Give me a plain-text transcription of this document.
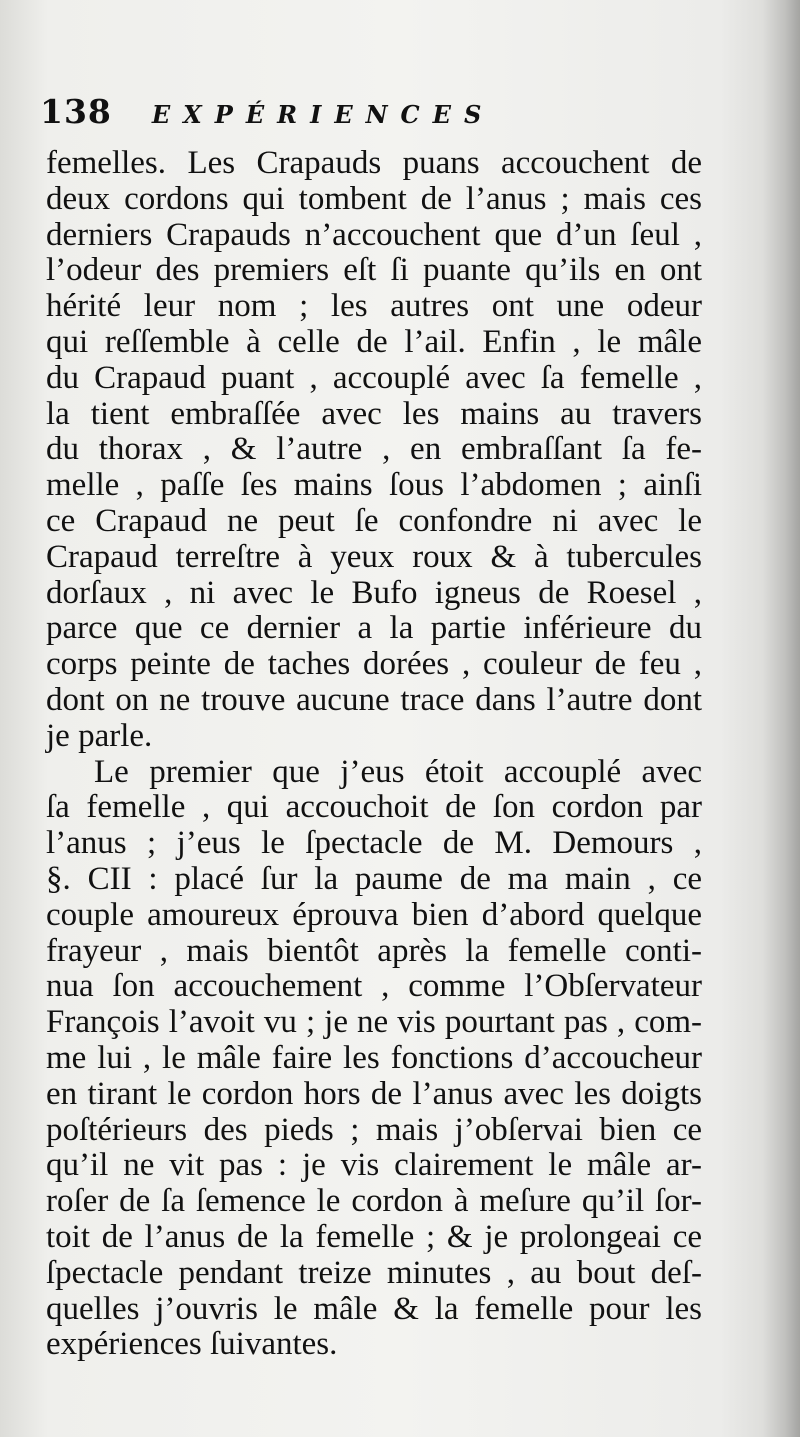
138 EXPÉRIENCES
femelles. Les Crapauds puans accouchent de
deux cordons qui tombent de l’anus ; mais ces
derniers Crapauds n’accouchent que d’un ſeul ,
l’odeur des premiers eſt ſi puante qu’ils en ont
hérité leur nom ; les autres ont une odeur
qui reſſemble à celle de l’ail. Enfin , le mâle
du Crapaud puant , accouplé avec ſa femelle ,
la tient embraſſée avec les mains au travers
du thorax , & l’autre , en embraſſant ſa fe-
melle , paſſe ſes mains ſous l’abdomen ; ainſi
ce Crapaud ne peut ſe confondre ni avec le
Crapaud terreſtre à yeux roux & à tubercules
dorſaux , ni avec le Bufo igneus de Roesel ,
parce que ce dernier a la partie inférieure du
corps peinte de taches dorées , couleur de feu ,
dont on ne trouve aucune trace dans l’autre dont
je parle.
Le premier que j’eus étoit accouplé avec
ſa femelle , qui accouchoit de ſon cordon par
l’anus ; j’eus le ſpectacle de M. Demours ,
§. CII : placé ſur la paume de ma main , ce
couple amoureux éprouva bien d’abord quelque
frayeur , mais bientôt après la femelle conti-
nua ſon accouchement , comme l’Obſervateur
François l’avoit vu ; je ne vis pourtant pas , com-
me lui , le mâle faire les fonctions d’accoucheur
en tirant le cordon hors de l’anus avec les doigts
poſtérieurs des pieds ; mais j’obſervai bien ce
qu’il ne vit pas : je vis clairement le mâle ar-
roſer de ſa ſemence le cordon à meſure qu’il ſor-
toit de l’anus de la femelle ; & je prolongeai ce
ſpectacle pendant treize minutes , au bout deſ-
quelles j’ouvris le mâle & la femelle pour les
expériences ſuivantes.
